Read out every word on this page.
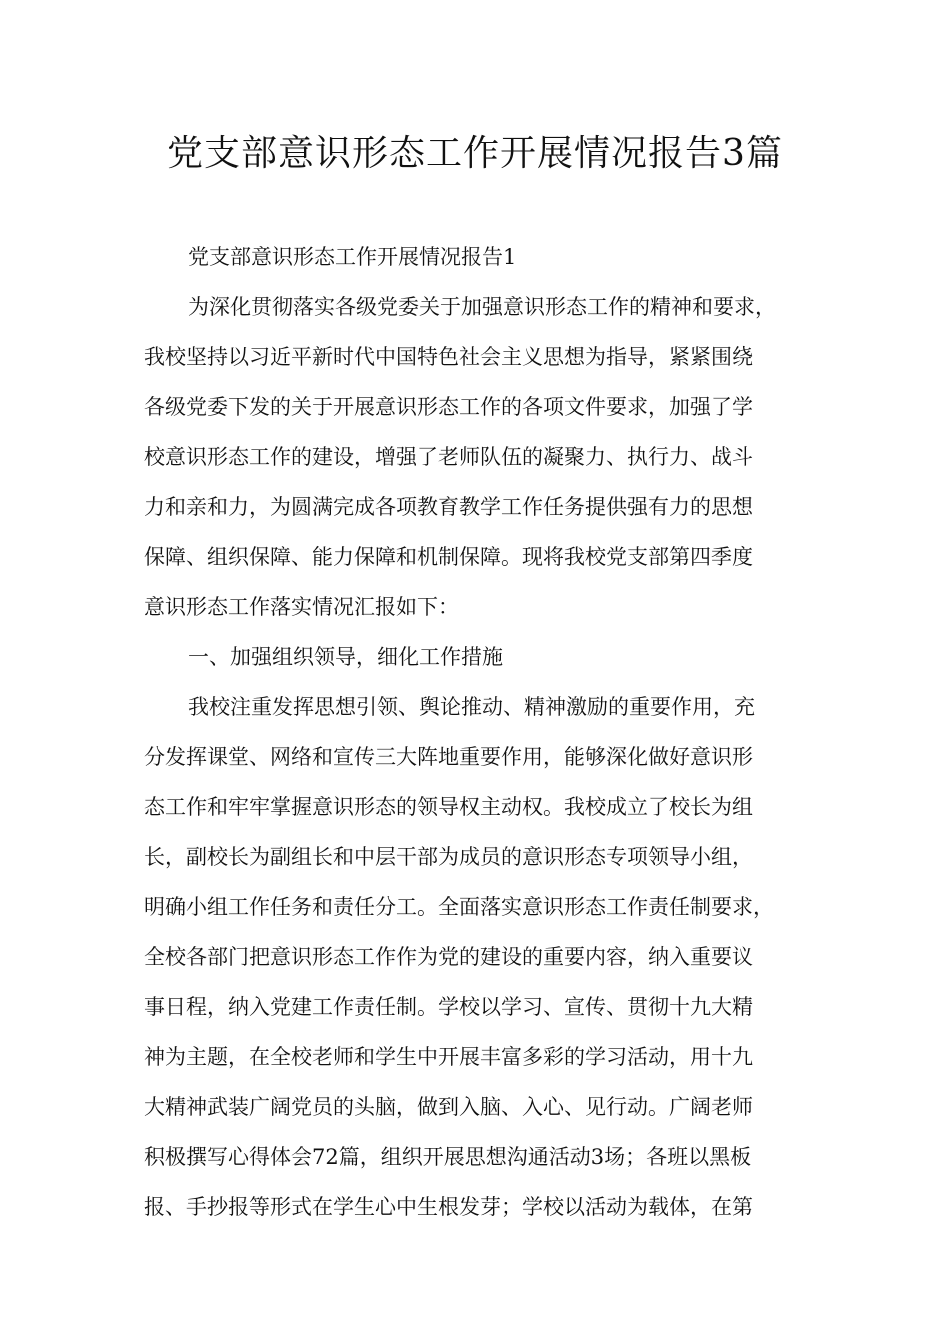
党支部意识形态工作开展情况报告3篇
党支部意识形态工作开展情况报告1
为深化贯彻落实各级党委关于加强意识形态工作的精神和要求，
我校坚持以习近平新时代中国特色社会主义思想为指导，紧紧围绕
各级党委下发的关于开展意识形态工作的各项文件要求，加强了学
校意识形态工作的建设，增强了老师队伍的凝聚力、执行力、战斗
力和亲和力，为圆满完成各项教育教学工作任务提供强有力的思想
保障、组织保障、能力保障和机制保障。现将我校党支部第四季度
意识形态工作落实情况汇报如下：
一、加强组织领导，细化工作措施
我校注重发挥思想引领、舆论推动、精神激励的重要作用，充
分发挥课堂、网络和宣传三大阵地重要作用，能够深化做好意识形
态工作和牢牢掌握意识形态的领导权主动权。我校成立了校长为组
长，副校长为副组长和中层干部为成员的意识形态专项领导小组，
明确小组工作任务和责任分工。全面落实意识形态工作责任制要求，
全校各部门把意识形态工作作为党的建设的重要内容，纳入重要议
事日程，纳入党建工作责任制。学校以学习、宣传、贯彻十九大精
神为主题，在全校老师和学生中开展丰富多彩的学习活动，用十九
大精神武装广阔党员的头脑，做到入脑、入心、见行动。广阔老师
积极撰写心得体会72篇，组织开展思想沟通活动3场；各班以黑板
报、手抄报等形式在学生心中生根发芽；学校以活动为载体，在第
